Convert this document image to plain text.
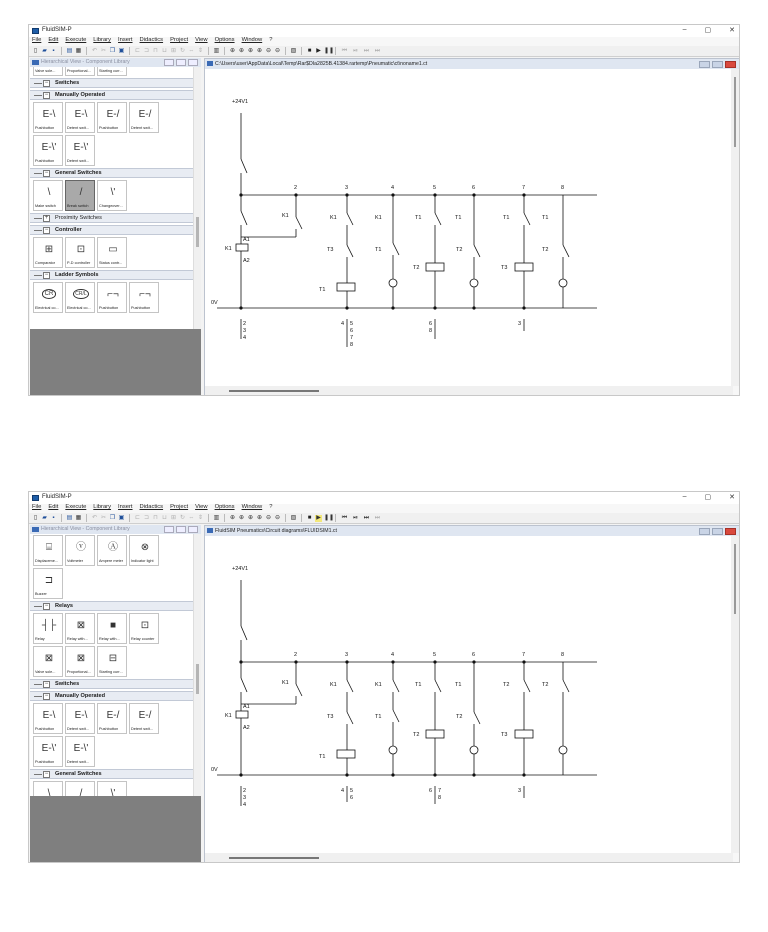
FluidSIM-P	–	▢	✕
File Edit Execute Library Insert Didactics Project View Options Window ?
▯ ▰ ▪	▤ ▦ ↶ ✂ ❐ ▣ ⊏ ⊐ ⊓ ⊔ ⊞ ↻ ⇔ ⇕ ▥ ⊕ ⊕ ⊕ ⊕ ⊖ ⊖ ▧ ■ ▶ ❚❚ ⏮ ⏯ ⏭ ⏭
Hierarchical View - Component Library
Valve sole...	Proportional...	Starting curr...
−	Switches
−	Manually Operated
E-\
Pushbutton
E-\
Detent swit...
E-/
Pushbutton
E-/
Detent swit...
E-\'
Pushbutton
E-\'
Detent swit...
−	General Switches
\
Make switch
/
Break switch
\'
Changeover...
+	Proximity Switches
−	Controller
⊞
Comparator
⊡
P-D controller
▭
Status contr...
−	Ladder Symbols
CR
Electrical co...
CR/L
Electrical co...
⌐¬
Pushbutton
⌐¬
Pushbutton
C:\Users\user\AppData\Local\Temp\Rar$DIa2825B.41384.rartemp\Pneumatic\ct\noname1.ct
+24V 1
0V
2	3	4	5	6	7	8
K1
A1
A2
K1	K1
T3
T1
K1
T1
T1
T2
T1
T2
T1
T3
T1
T2
2
3
4
4 5
6
7
8
6
8
3
FluidSIM-P	–	▢	✕
File Edit Execute Library Insert Didactics Project View Options Window ?
▯ ▰ ▪	▤ ▦ ↶ ✂ ❐ ▣ ⊏ ⊐ ⊓ ⊔ ⊞ ↻ ⇔ ⇕ ▥ ⊕ ⊕ ⊕ ⊕ ⊖ ⊖ ▧ ■ ▶ ❚❚ ⏮ ⏯ ⏭ ⏭
Hierarchical View - Component Library
⌸
Displaceme...
ⓥ
Voltmeter
Ⓐ
Ampere meter
⊗
Indicator light
⊐
Buzzer
−	Relays
┤├
Relay
⊠
Relay with...
■
Relay with...
⊡
Relay counter
⊠
Valve sole...
⊠
Proportional...
⊟
Starting curr...
−	Switches
−	Manually Operated
E-\
Pushbutton
E-\
Detent swit...
E-/
Pushbutton
E-/
Detent swit...
E-\'
Pushbutton
E-\'
Detent swit...
−	General Switches
\	/	\'
FluidSIM Pneumatics\Circuit diagrams\FLUIDSIM1.ct
+24V 1
0V
2	3	4	5	6	7	8
K1
A1
A2
K1	K1
T3
T1
K1
T1
T1
T2
T1
T2
T2
T3
T2
2
3
4
4 5
6
6 7
8
3
